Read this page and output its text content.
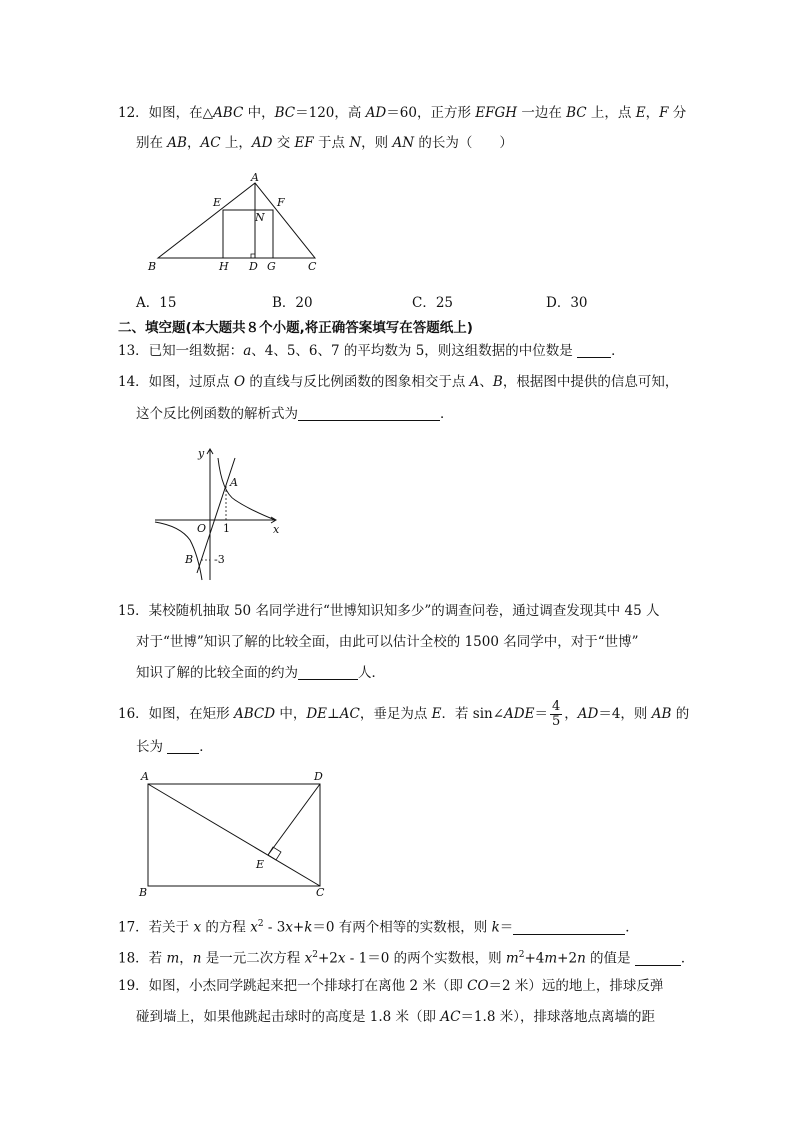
12．如图，在△ABC 中，BC＝120，高 AD＝60，正方形 EFGH 一边在 BC 上，点 E，F 分
别在 AB，AC 上，AD 交 EF 于点 N，则 AN 的长为（　　）
A
B	C
D
E	F
G
H
N
A．15	B．20	C．25	D．30
二、填空题(本大题共８个小题,将正确答案填写在答题纸上)
13．已知一组数据：a、4、5、6、7 的平均数为 5，则这组数据的中位数是	．
14．如图，过原点 O 的直线与反比例函数的图象相交于点 A、B，根据图中提供的信息可知，
这个反比例函数的解析式为	．
y
x
O
A
B
1
-3
15．某校随机抽取 50 名同学进行“世博知识知多少”的调查问卷，通过调查发现其中 45 人
对于“世博”知识了解的比较全面，由此可以估计全校的 1500 名同学中，对于“世博”
知识了解的比较全面的约为	人．
16．如图，在矩形 ABCD 中，DE⊥AC，垂足为点 E．若 sin∠ADE＝ $\frac{4}{5}$ ，AD＝4，则 AB 的
长为 ．
A	D
B	C
E
17．若关于 x 的方程 $x^2 - 3x+k=0$ 有两个相等的实数根，则 k＝	．
18．若 m，n 是一元二次方程 $x^2+2x - 1=0$ 的两个实数根，则 $m^2+4m+2n$ 的值是	．
19．如图，小杰同学跳起来把一个排球打在离他 2 米（即 CO＝2 米）远的地上，排球反弹
碰到墙上，如果他跳起击球时的高度是 1.8 米（即 AC＝1.8 米），排球落地点离墙的距
